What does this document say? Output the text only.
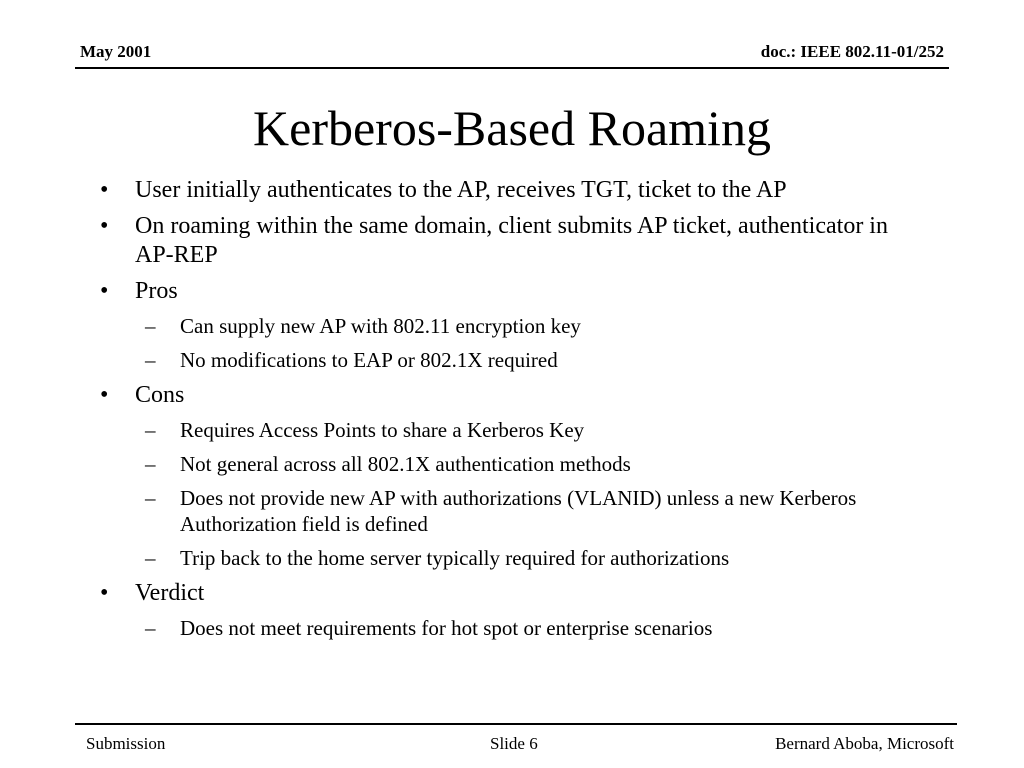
May 2001	doc.: IEEE 802.11-01/252
Kerberos-Based Roaming
•	User initially authenticates to the AP, receives TGT, ticket to the AP
•	On roaming within the same domain, client submits AP ticket, authenticator in AP-REP
•	Pros
–	Can supply new AP with 802.11 encryption key
–	No modifications to EAP or 802.1X required
•	Cons
–	Requires Access Points to share a Kerberos Key
–	Not general across all 802.1X authentication methods
–	Does not provide new AP with authorizations (VLANID) unless a new Kerberos Authorization field is defined
–	Trip back to the home server typically required for authorizations
•	Verdict
–	Does not meet requirements for hot spot or enterprise scenarios
Submission	Slide 6	Bernard Aboba, Microsoft
